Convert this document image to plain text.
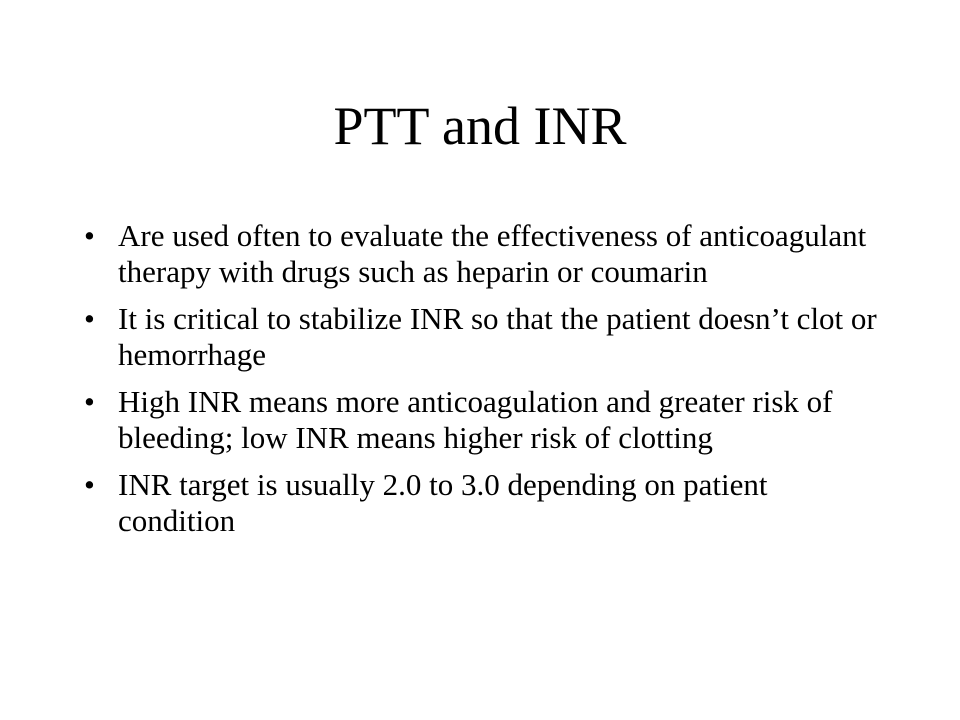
PTT and INR
• Are used often to evaluate the effectiveness of anticoagulant therapy with drugs such as heparin or coumarin
• It is critical to stabilize INR so that the patient doesn’t clot or hemorrhage
• High INR means more anticoagulation and greater risk of bleeding; low INR means higher risk of clotting
• INR target is usually 2.0 to 3.0 depending on patient condition
